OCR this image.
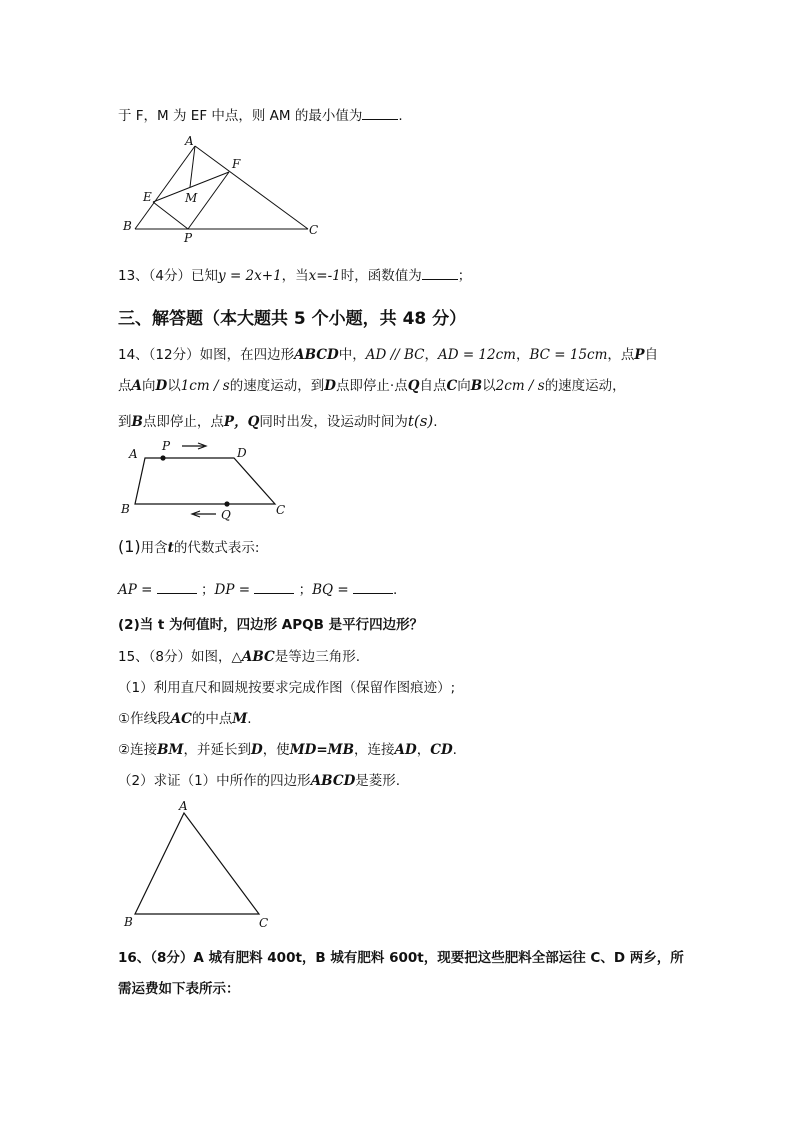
于 F，M 为 EF 中点，则 AM 的最小值为	.
A
F
E	M
B
P
C
A
P	D
B	Q	C
A
B	C
13、（4分）已知y = 2x+1，当x=-1时，函数值为	；
三、解答题（本大题共 5 个小题，共 48 分）
14、（12分）如图，在四边形ABCD中，AD // BC，AD = 12cm，BC = 15cm，点P自
点A向D以1cm / s的速度运动，到D点即停止·点Q自点C向B以2cm / s的速度运动，
到B点即停止，点P，Q同时出发，设运动时间为t(s).
(1)用含t的代数式表示:
AP =	；DP =	；BQ =	.
(2)当 t 为何值时，四边形 APQB 是平行四边形？
15、（8分）如图，△ABC是等边三角形.
（1）利用直尺和圆规按要求完成作图（保留作图痕迹）;
①作线段AC的中点M.
②连接BM，并延长到D，使MD=MB，连接AD，CD.
（2）求证（1）中所作的四边形ABCD是菱形.
16、（8分）A 城有肥料 400t，B 城有肥料 600t，现要把这些肥料全部运往 C、D 两乡，所
需运费如下表所示：
